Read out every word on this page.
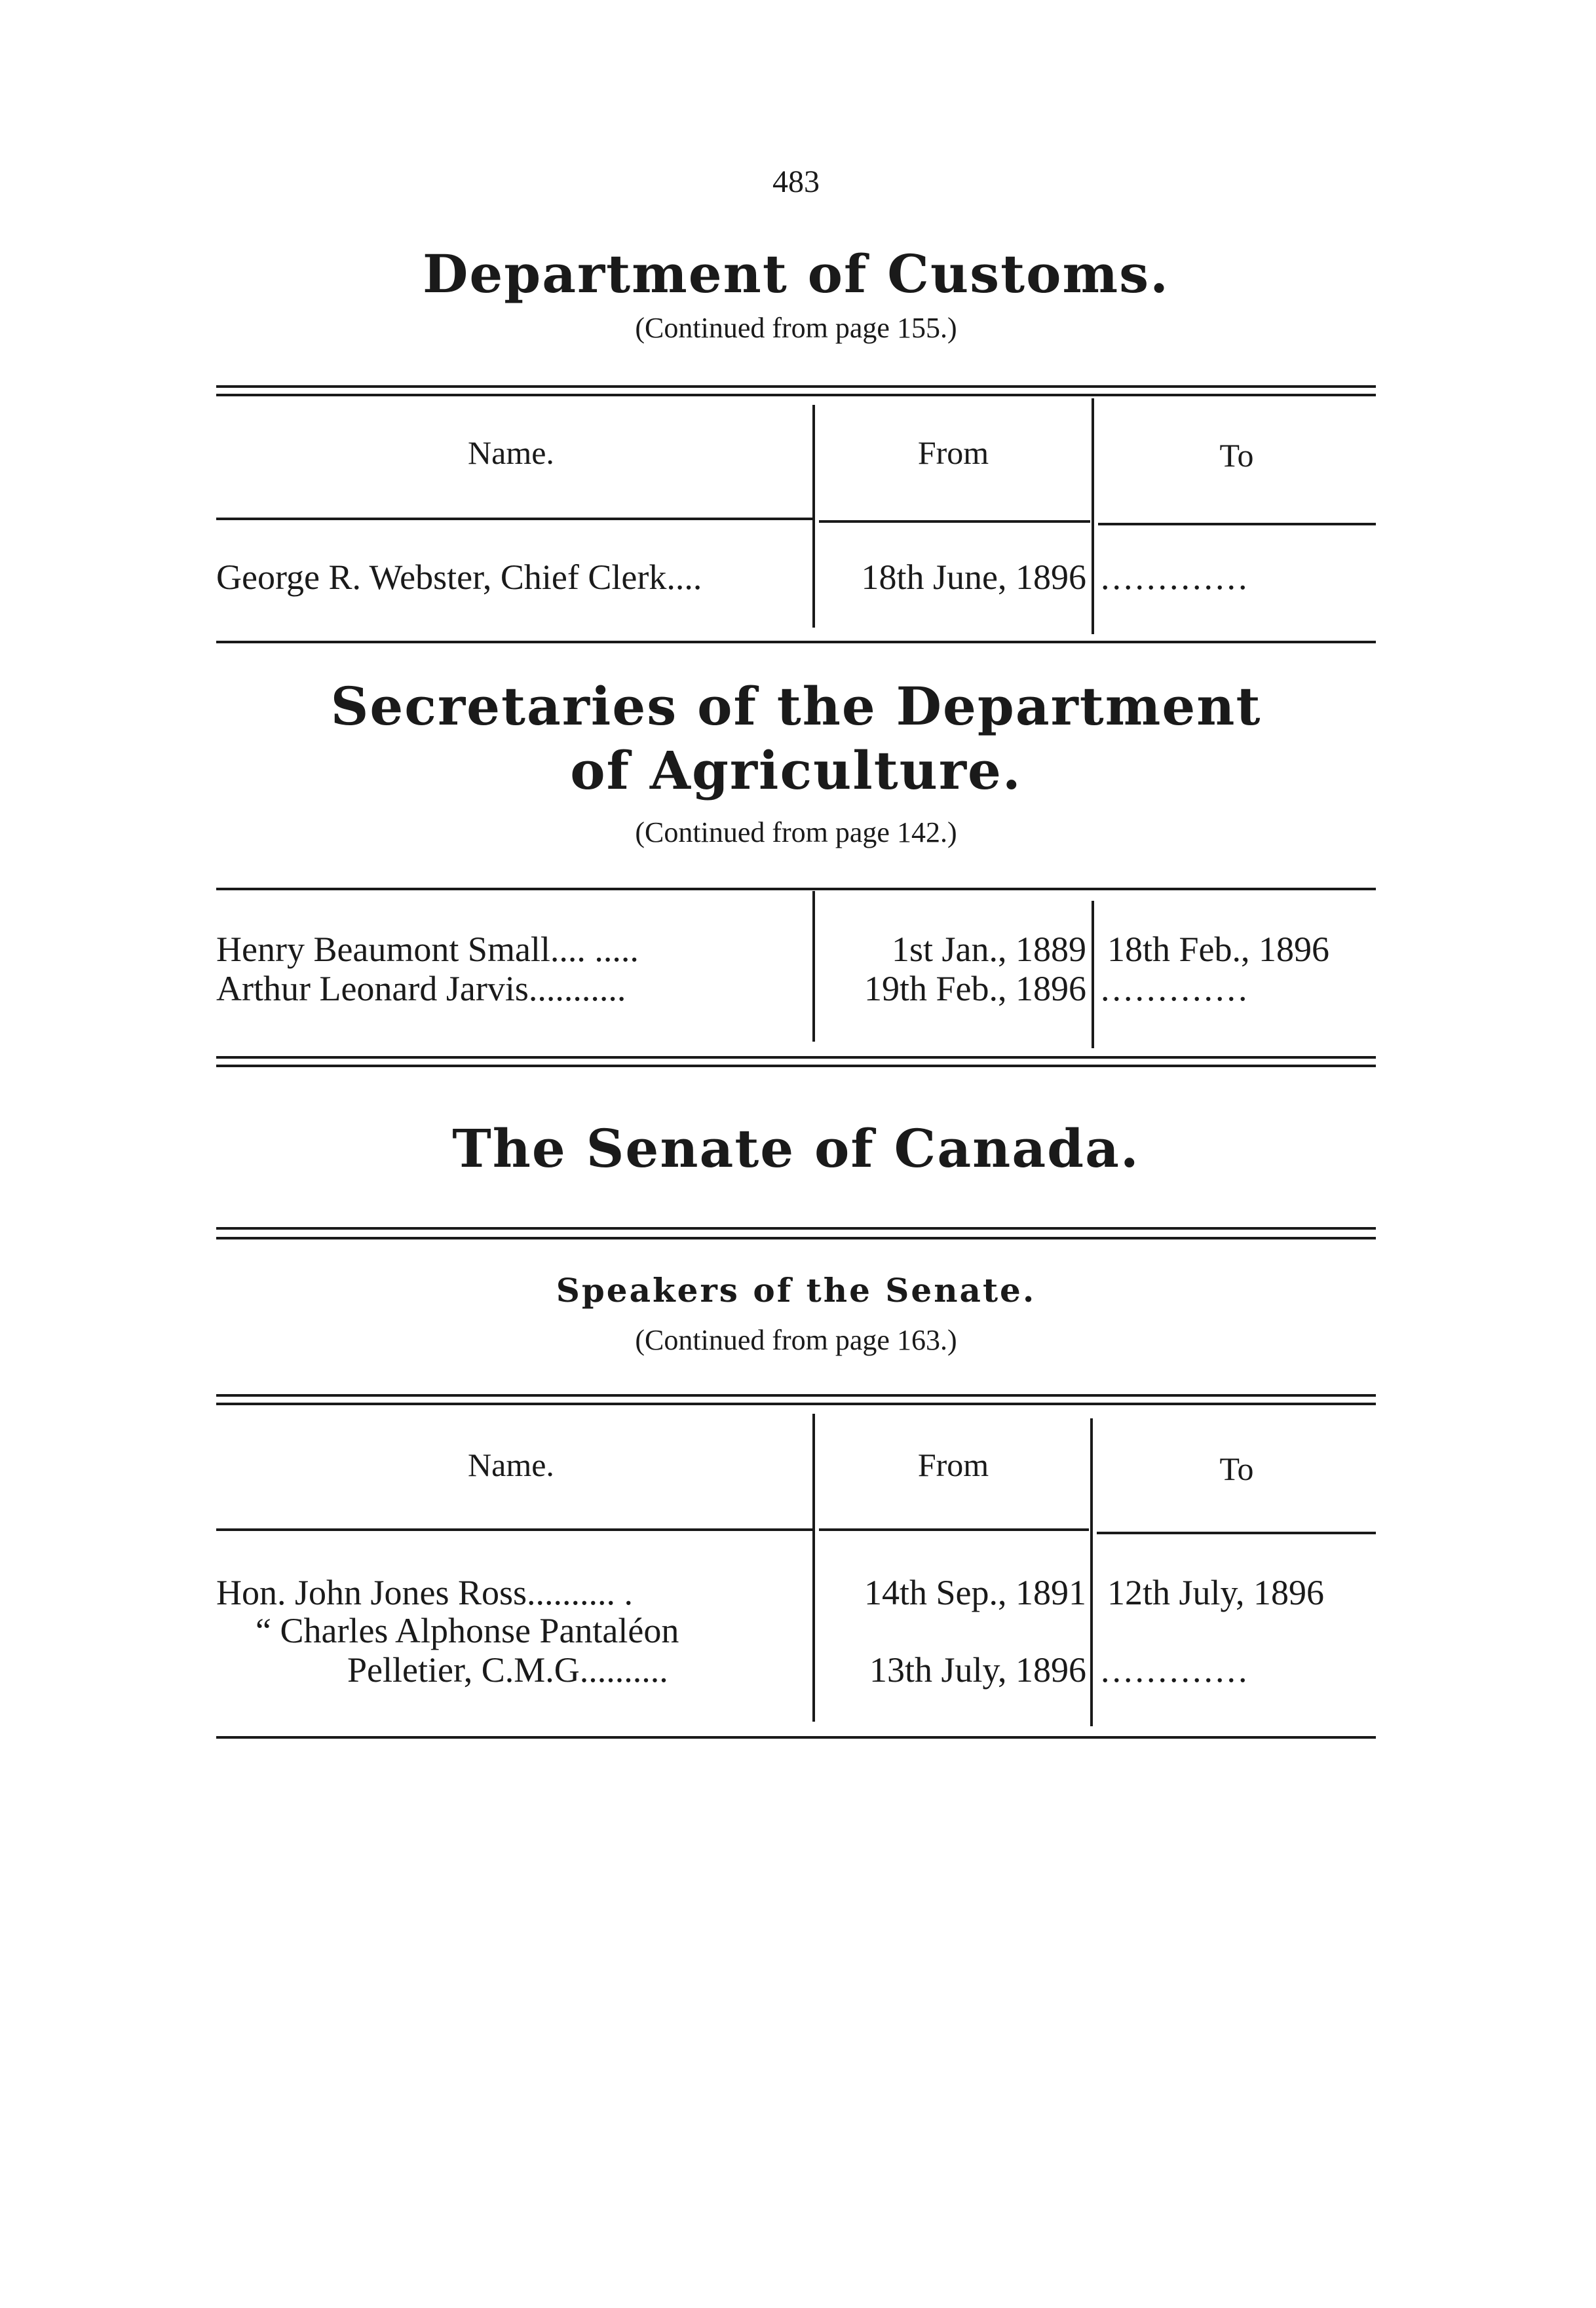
483
Department of Customs.
(Continued from page 155.)
Name.	From	To
George R. Webster, Chief Clerk....	18th June, 1896 .............
Secretaries of the Department
of Agriculture.
(Continued from page 142.)
Henry Beaumont Small.... .....	1st Jan., 1889 18th Feb., 1896
Arthur Leonard Jarvis...........	19th Feb., 1896 .............
The Senate of Canada.
Speakers of the Senate.
(Continued from page 163.)
Name.	From	To
Hon. John Jones Ross.......... .	14th Sep., 1891 12th July, 1896
“ Charles Alphonse Pantaléon
Pelletier, C.M.G..........	13th July, 1896 .............
